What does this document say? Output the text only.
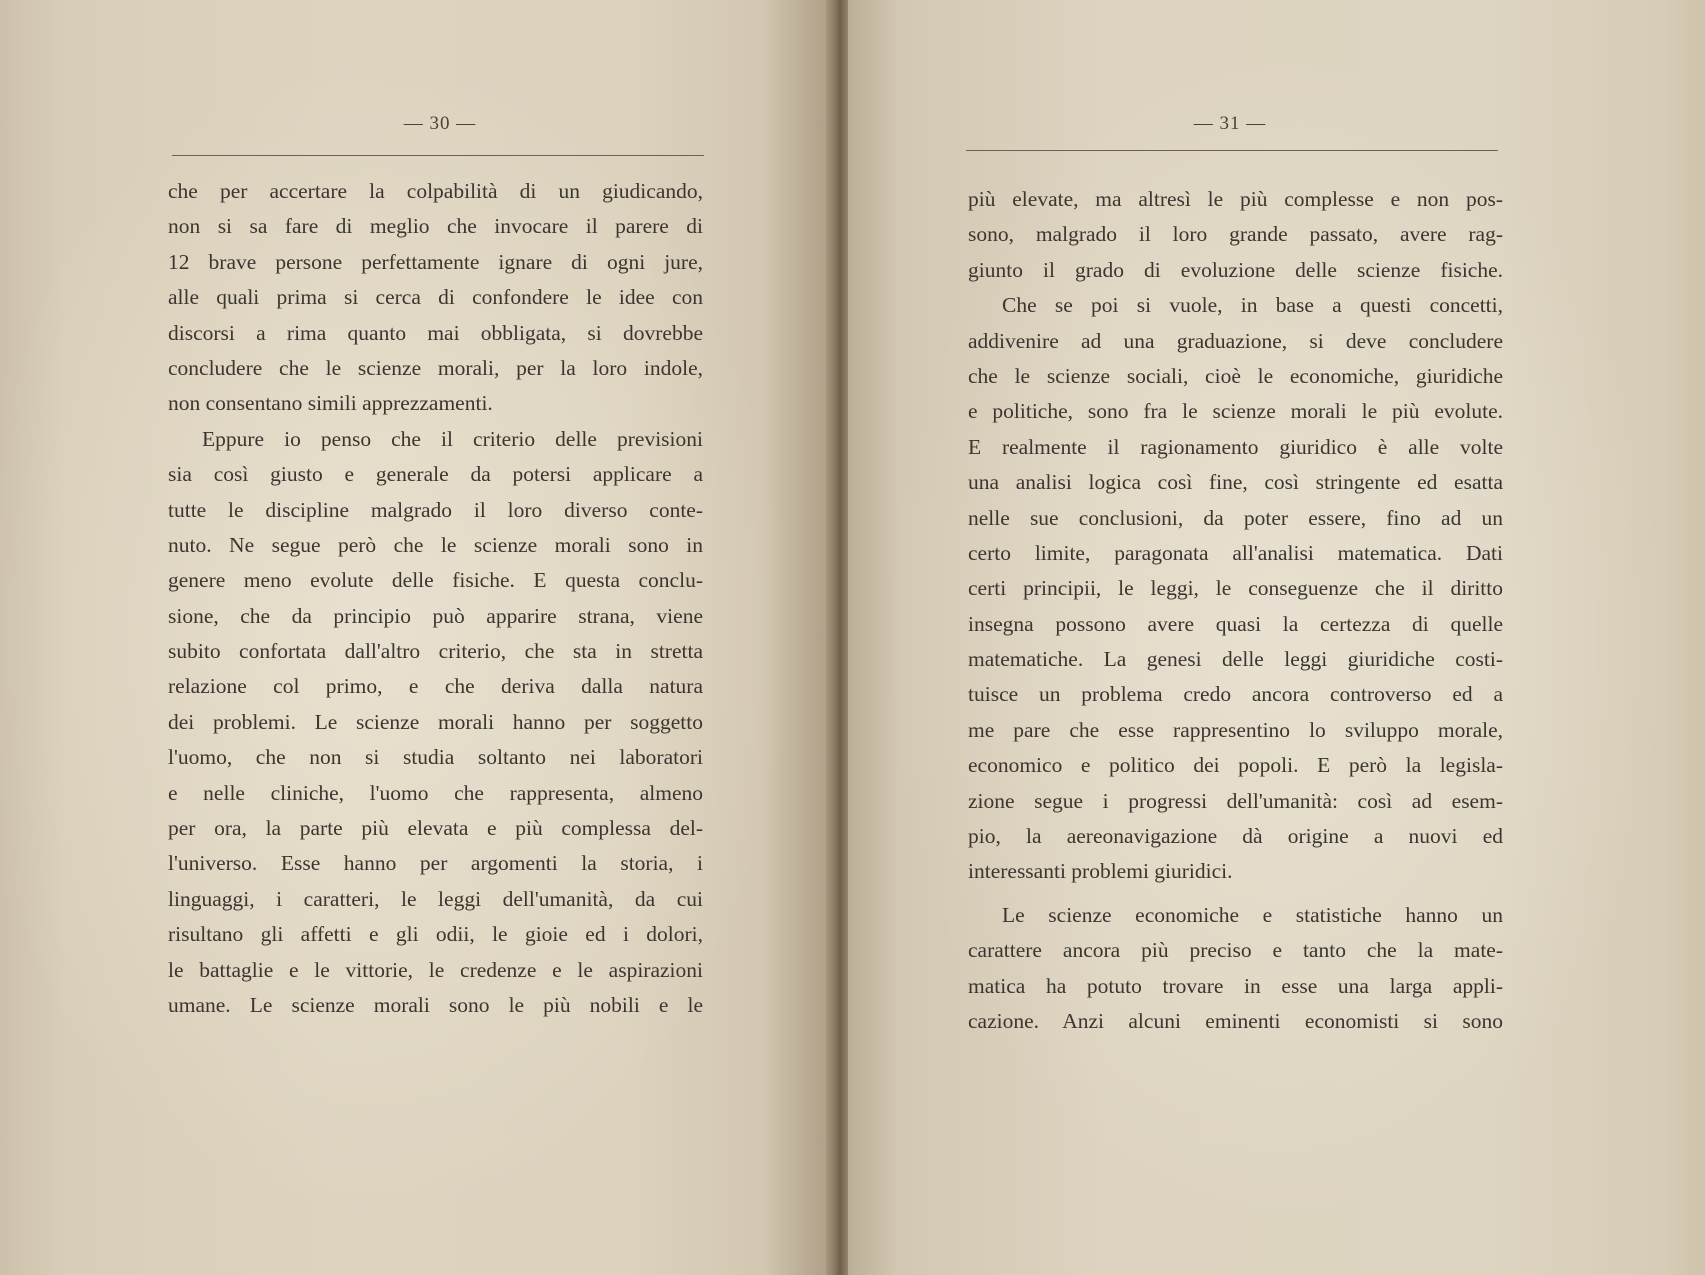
— 30 —
che per accertare la colpabilità di un giudicando,
non si sa fare di meglio che invocare il parere di
12 brave persone perfettamente ignare di ogni jure,
alle quali prima si cerca di confondere le idee con
discorsi a rima quanto mai obbligata, si dovrebbe
concludere che le scienze morali, per la loro indole,
non consentano simili apprezzamenti.
Eppure io penso che il criterio delle previsioni
sia così giusto e generale da potersi applicare a
tutte le discipline malgrado il loro diverso conte-
nuto. Ne segue però che le scienze morali sono in
genere meno evolute delle fisiche. E questa conclu-
sione, che da principio può apparire strana, viene
subito confortata dall'altro criterio, che sta in stretta
relazione col primo, e che deriva dalla natura
dei problemi. Le scienze morali hanno per soggetto
l'uomo, che non si studia soltanto nei laboratori
e nelle cliniche, l'uomo che rappresenta, almeno
per ora, la parte più elevata e più complessa del-
l'universo. Esse hanno per argomenti la storia, i
linguaggi, i caratteri, le leggi dell'umanità, da cui
risultano gli affetti e gli odii, le gioie ed i dolori,
le battaglie e le vittorie, le credenze e le aspirazioni
umane. Le scienze morali sono le più nobili e le
— 31 —
più elevate, ma altresì le più complesse e non pos-
sono, malgrado il loro grande passato, avere rag-
giunto il grado di evoluzione delle scienze fisiche.
Che se poi si vuole, in base a questi concetti,
addivenire ad una graduazione, si deve concludere
che le scienze sociali, cioè le economiche, giuridiche
e politiche, sono fra le scienze morali le più evolute.
E realmente il ragionamento giuridico è alle volte
una analisi logica così fine, così stringente ed esatta
nelle sue conclusioni, da poter essere, fino ad un
certo limite, paragonata all'analisi matematica. Dati
certi principii, le leggi, le conseguenze che il diritto
insegna possono avere quasi la certezza di quelle
matematiche. La genesi delle leggi giuridiche costi-
tuisce un problema credo ancora controverso ed a
me pare che esse rappresentino lo sviluppo morale,
economico e politico dei popoli. E però la legisla-
zione segue i progressi dell'umanità: così ad esem-
pio, la aereonavigazione dà origine a nuovi ed
interessanti problemi giuridici.
Le scienze economiche e statistiche hanno un
carattere ancora più preciso e tanto che la mate-
matica ha potuto trovare in esse una larga appli-
cazione. Anzi alcuni eminenti economisti si sono
